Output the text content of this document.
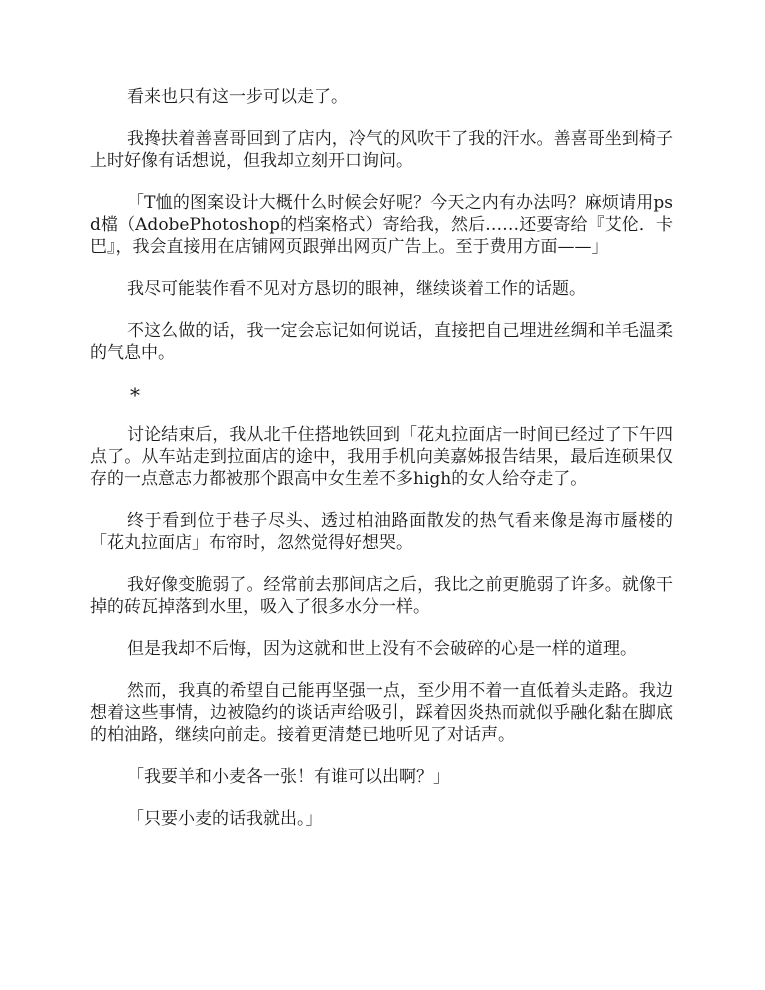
看来也只有这一步可以走了。

我搀扶着善喜哥回到了店内，冷气的风吹干了我的汗水。善喜哥坐到椅子上时好像有话想说，但我却立刻开口询问。

「T恤的图案设计大概什么时候会好呢？今天之内有办法吗？麻烦请用psd檔（AdobePhotoshop的档案格式）寄给我，然后……还要寄给『艾伦．卡巴』，我会直接用在店铺网页跟弹出网页广告上。至于费用方面——」

我尽可能装作看不见对方恳切的眼神，继续谈着工作的话题。

不这么做的话，我一定会忘记如何说话，直接把自己埋进丝绸和羊毛温柔的气息中。

*

讨论结束后，我从北千住搭地铁回到「花丸拉面店一时间已经过了下午四点了。从车站走到拉面店的途中，我用手机向美嘉姊报告结果，最后连硕果仅存的一点意志力都被那个跟高中女生差不多high的女人给夺走了。

终于看到位于巷子尽头、透过柏油路面散发的热气看来像是海市蜃楼的「花丸拉面店」布帘时，忽然觉得好想哭。

我好像变脆弱了。经常前去那间店之后，我比之前更脆弱了许多。就像干掉的砖瓦掉落到水里，吸入了很多水分一样。

但是我却不后悔，因为这就和世上没有不会破碎的心是一样的道理。

然而，我真的希望自己能再坚强一点，至少用不着一直低着头走路。我边想着这些事情，边被隐约的谈话声给吸引，踩着因炎热而就似乎融化黏在脚底的柏油路，继续向前走。接着更清楚已地听见了对话声。

「我要羊和小麦各一张！有谁可以出啊？」

「只要小麦的话我就出。」
